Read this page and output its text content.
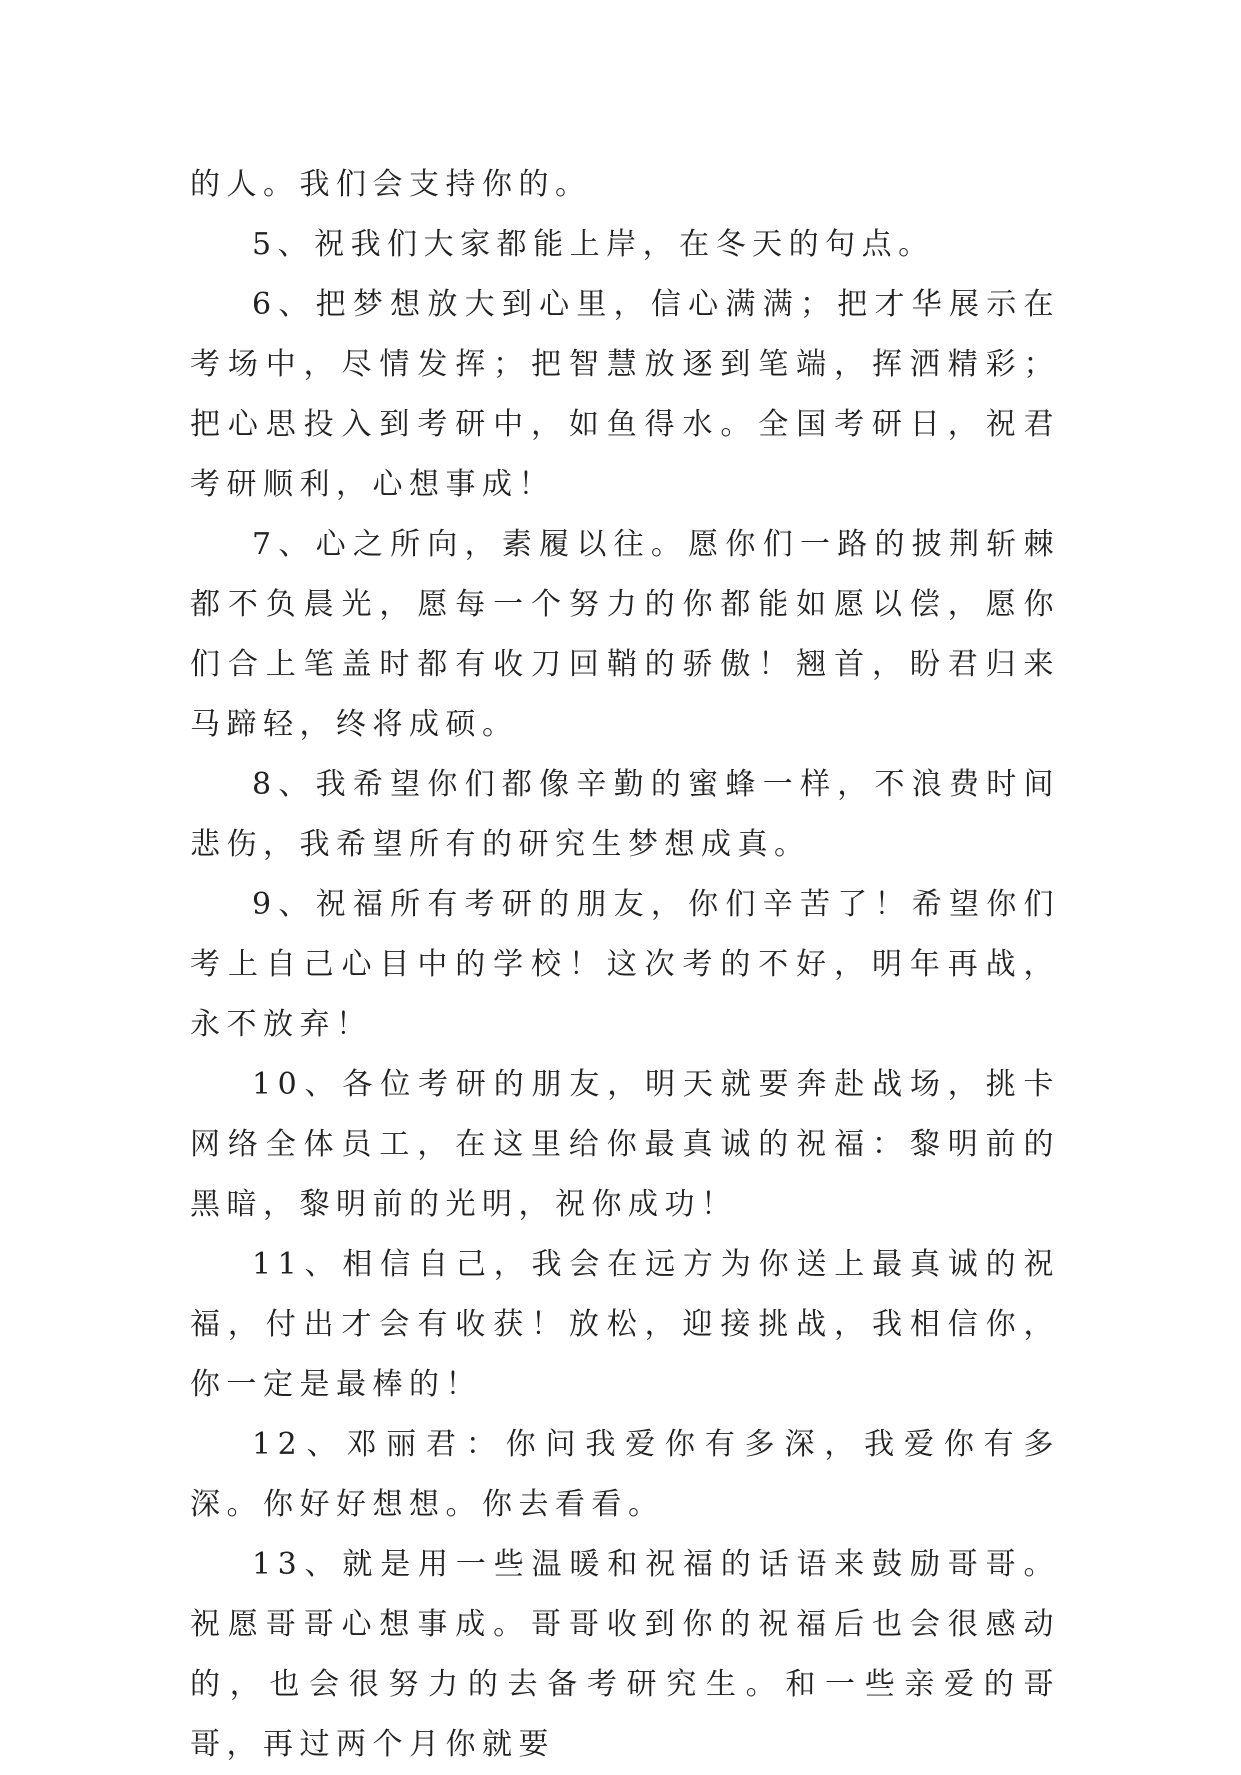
的人。我们会支持你的。

5、祝我们大家都能上岸，在冬天的句点。

6、把梦想放大到心里，信心满满；把才华展示在考场中，尽情发挥；把智慧放逐到笔端，挥洒精彩；把心思投入到考研中，如鱼得水。全国考研日，祝君考研顺利，心想事成！

7、心之所向，素履以往。愿你们一路的披荆斩棘都不负晨光，愿每一个努力的你都能如愿以偿，愿你们合上笔盖时都有收刀回鞘的骄傲！翘首，盼君归来马蹄轻，终将成硕。

8、我希望你们都像辛勤的蜜蜂一样，不浪费时间悲伤，我希望所有的研究生梦想成真。

9、祝福所有考研的朋友，你们辛苦了！希望你们考上自己心目中的学校！这次考的不好，明年再战，永不放弃！

10、各位考研的朋友，明天就要奔赴战场，挑卡网络全体员工，在这里给你最真诚的祝福：黎明前的黑暗，黎明前的光明，祝你成功！

11、相信自己，我会在远方为你送上最真诚的祝福，付出才会有收获！放松，迎接挑战，我相信你，你一定是最棒的！

12、邓丽君：你问我爱你有多深，我爱你有多深。你好好想想。你去看看。

13、就是用一些温暖和祝福的话语来鼓励哥哥。祝愿哥哥心想事成。哥哥收到你的祝福后也会很感动的，也会很努力的去备考研究生。和一些亲爱的哥哥，再过两个月你就要
